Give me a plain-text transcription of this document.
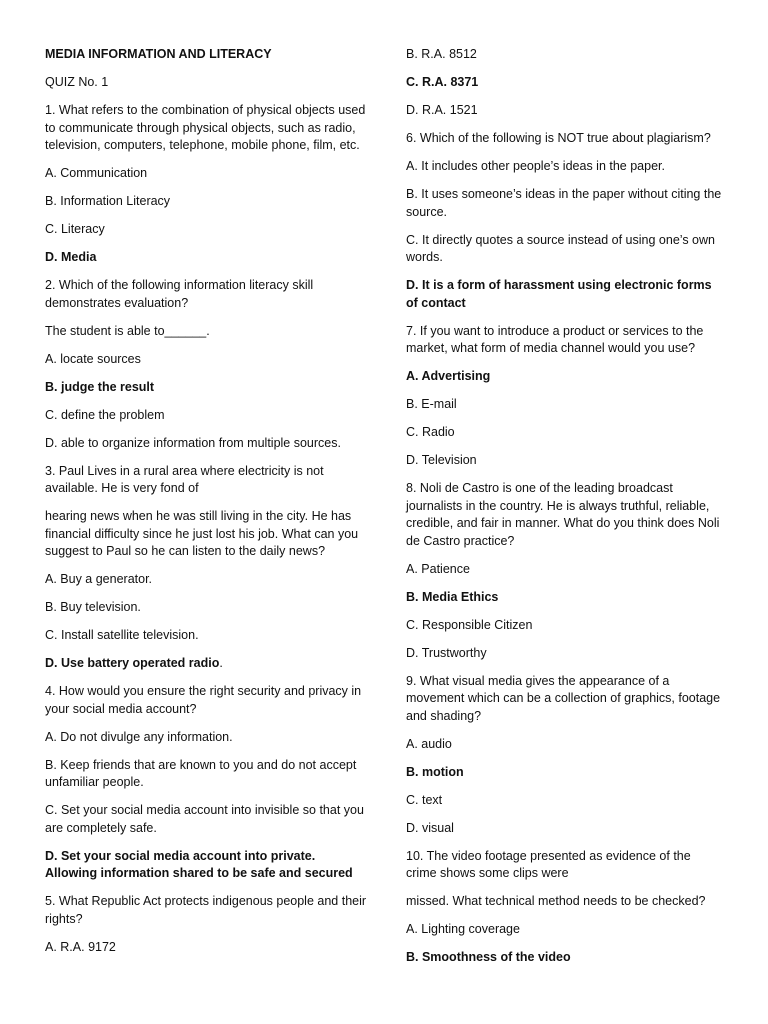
MEDIA INFORMATION AND LITERACY

QUIZ No. 1

1. What refers to the combination of physical objects used to communicate through physical objects, such as radio, television, computers, telephone, mobile phone, film, etc.

A. Communication

B. Information Literacy

C. Literacy

D. Media

2. Which of the following information literacy skill demonstrates evaluation?

The student is able to______.

A. locate sources

B. judge the result

C. define the problem

D. able to organize information from multiple sources.

3. Paul Lives in a rural area where electricity is not available. He is very fond of

hearing news when he was still living in the city. He has financial difficulty since he just lost his job. What can you suggest to Paul so he can listen to the daily news?

A. Buy a generator.

B. Buy television.

C. Install satellite television.

D. Use battery operated radio.

4. How would you ensure the right security and privacy in your social media account?

A. Do not divulge any information.

B. Keep friends that are known to you and do not accept unfamiliar people.

C. Set your social media account into invisible so that you are completely safe.

D. Set your social media account into private. Allowing information shared to be safe and secured

5. What Republic Act protects indigenous people and their rights?

A. R.A. 9172

B. R.A. 8512

C. R.A. 8371

D. R.A. 1521

6. Which of the following is NOT true about plagiarism?

A. It includes other people’s ideas in the paper.

B. It uses someone’s ideas in the paper without citing the source.

C. It directly quotes a source instead of using one’s own words.

D. It is a form of harassment using electronic forms of contact

7. If you want to introduce a product or services to the market, what form of media channel would you use?

A. Advertising

B. E-mail

C. Radio

D. Television

8. Noli de Castro is one of the leading broadcast journalists in the country. He is always truthful, reliable, credible, and fair in manner. What do you think does Noli de Castro practice?

A. Patience

B. Media Ethics

C. Responsible Citizen

D. Trustworthy

9. What visual media gives the appearance of a movement which can be a collection of graphics, footage and shading?

A. audio

B. motion

C. text

D. visual

10. The video footage presented as evidence of the crime shows some clips were

missed. What technical method needs to be checked?

A. Lighting coverage

B. Smoothness of the video
